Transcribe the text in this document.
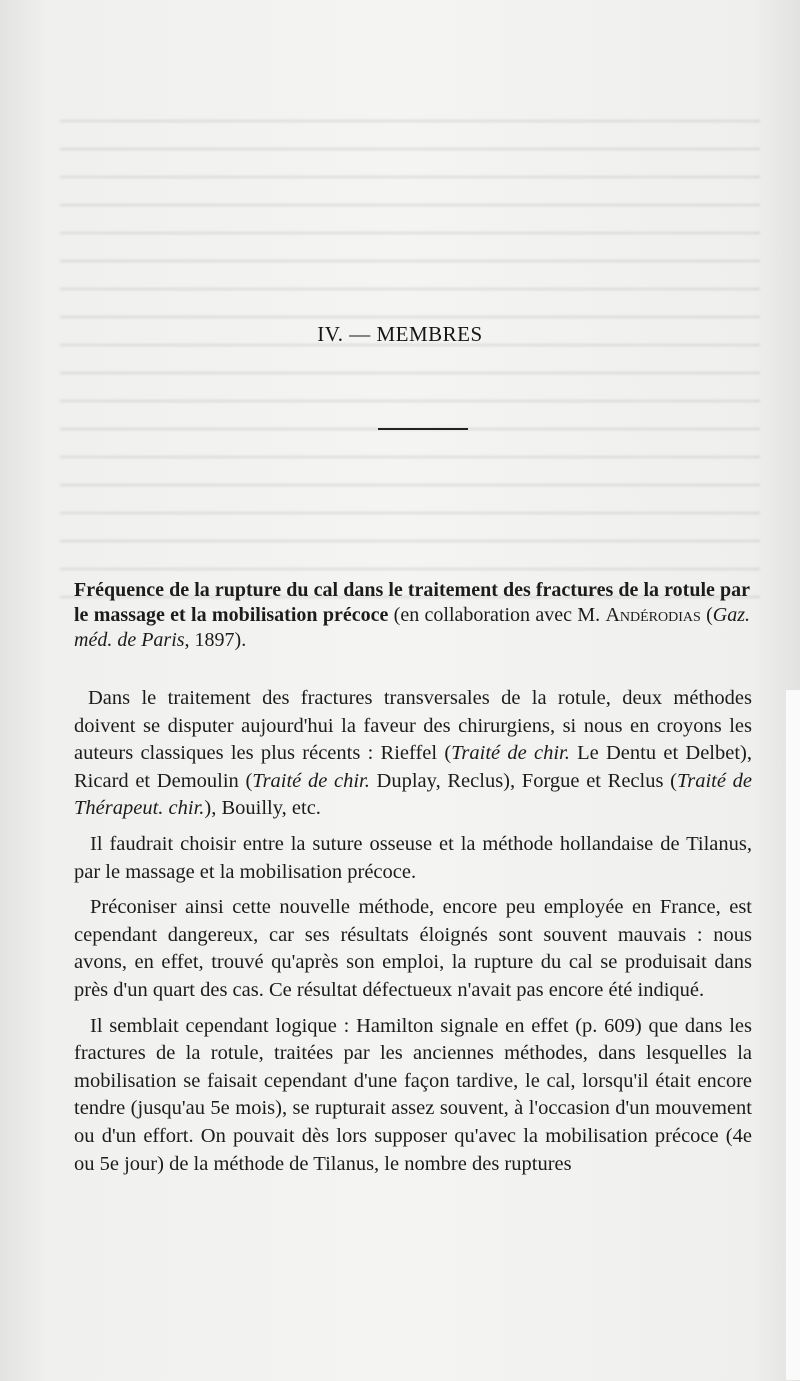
IV. — MEMBRES
Fréquence de la rupture du cal dans le traitement des fractures de la rotule par le massage et la mobilisation précoce (en collaboration avec M. Andérodias (Gaz. méd. de Paris, 1897).

Dans le traitement des fractures transversales de la rotule, deux méthodes doivent se disputer aujourd'hui la faveur des chirurgiens, si nous en croyons les auteurs classiques les plus récents : Rieffel (Traité de chir. Le Dentu et Delbet), Ricard et Demoulin (Traité de chir. Duplay, Reclus), Forgue et Reclus (Traité de Thérapeut. chir.), Bouilly, etc.

Il faudrait choisir entre la suture osseuse et la méthode hollandaise de Tilanus, par le massage et la mobilisation précoce.

Préconiser ainsi cette nouvelle méthode, encore peu employée en France, est cependant dangereux, car ses résultats éloignés sont souvent mauvais : nous avons, en effet, trouvé qu'après son emploi, la rupture du cal se produisait dans près d'un quart des cas. Ce résultat défectueux n'avait pas encore été indiqué.

Il semblait cependant logique : Hamilton signale en effet (p. 609) que dans les fractures de la rotule, traitées par les anciennes méthodes, dans lesquelles la mobilisation se faisait cependant d'une façon tardive, le cal, lorsqu'il était encore tendre (jusqu'au 5e mois), se rupturait assez souvent, à l'occasion d'un mouvement ou d'un effort. On pouvait dès lors supposer qu'avec la mobilisation précoce (4e ou 5e jour) de la méthode de Tilanus, le nombre des ruptures
